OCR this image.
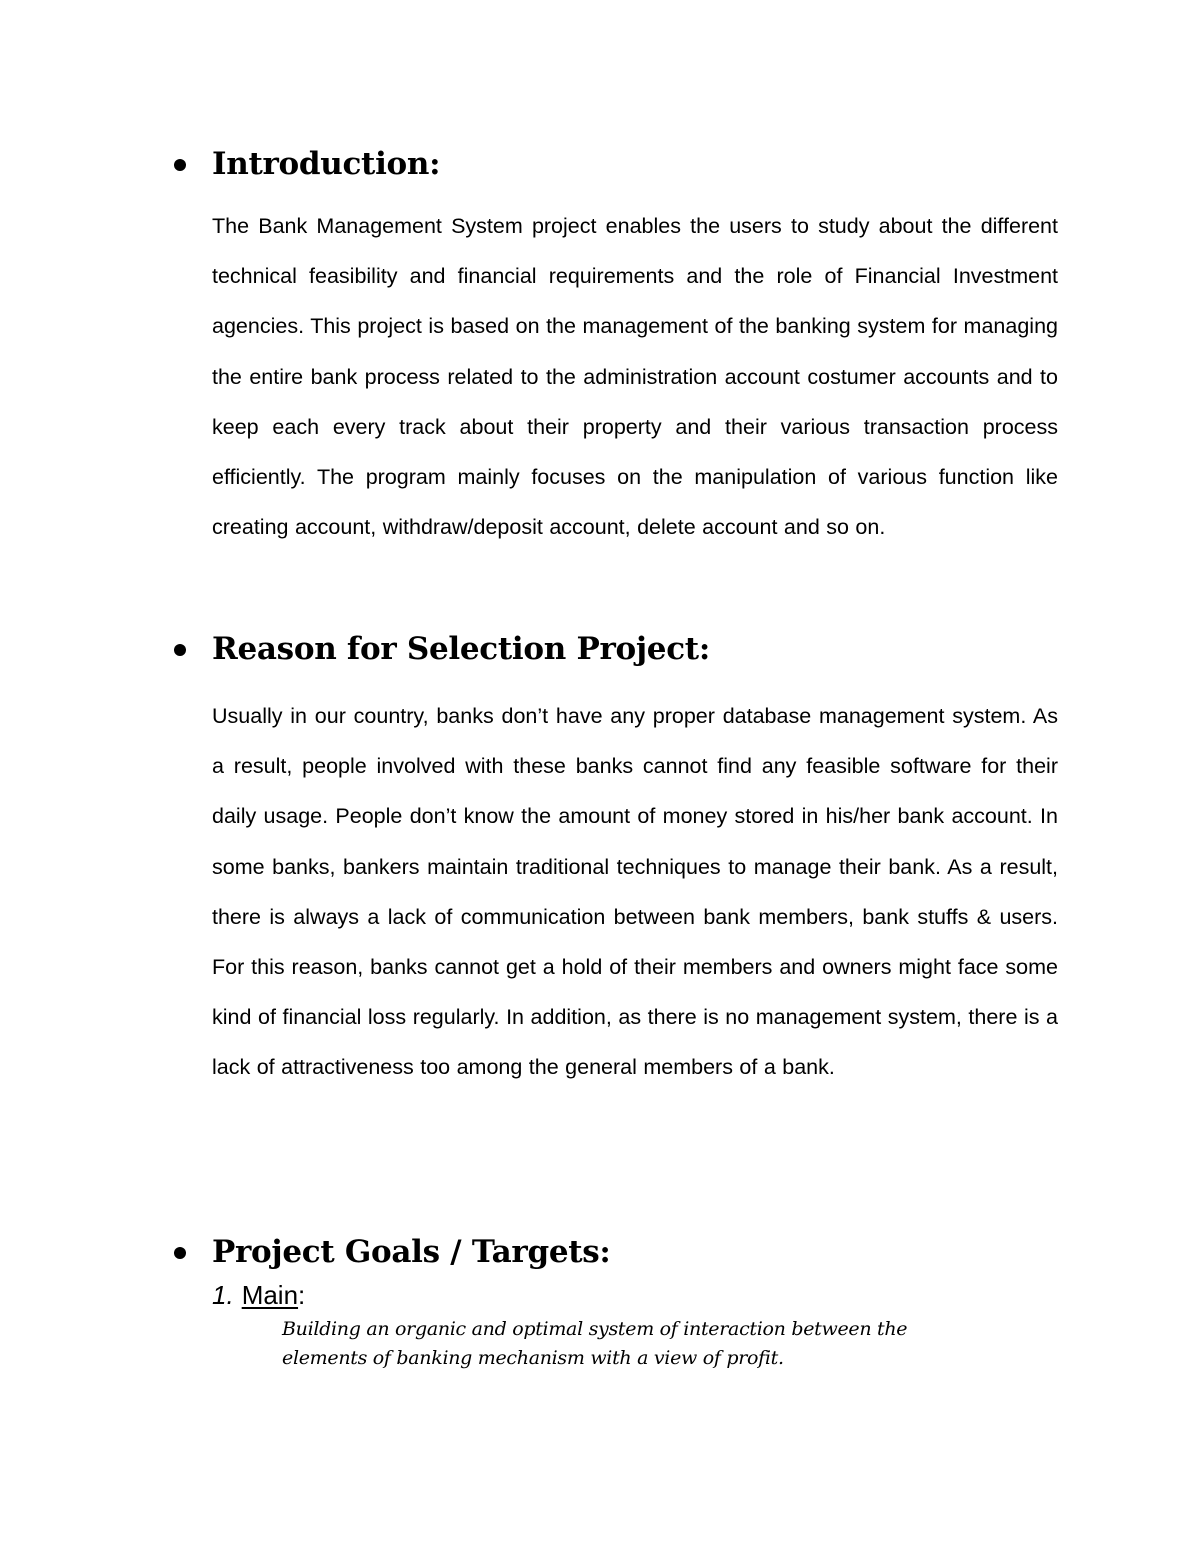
Introduction:
The Bank Management System project enables the users to study about the different technical feasibility and financial requirements and the role of Financial Investment agencies. This project is based on the management of the banking system for managing the entire bank process related to the administration account costumer accounts and to keep each every track about their property and their various transaction process efficiently. The program mainly focuses on the manipulation of various function like creating account, withdraw/deposit account, delete account and so on.
Reason for Selection Project:
Usually in our country, banks don’t have any proper database management system. As a result, people involved with these banks cannot find any feasible software for their daily usage. People don’t know the amount of money stored in his/her bank account. In some banks, bankers maintain traditional techniques to manage their bank. As a result, there is always a lack of communication between bank members, bank stuffs & users. For this reason, banks cannot get a hold of their members and owners might face some kind of financial loss regularly. In addition, as there is no management system, there is a lack of attractiveness too among the general members of a bank.
Project Goals / Targets:
1. Main:
Building an organic and optimal system of interaction between the
elements of banking mechanism with a view of profit.
